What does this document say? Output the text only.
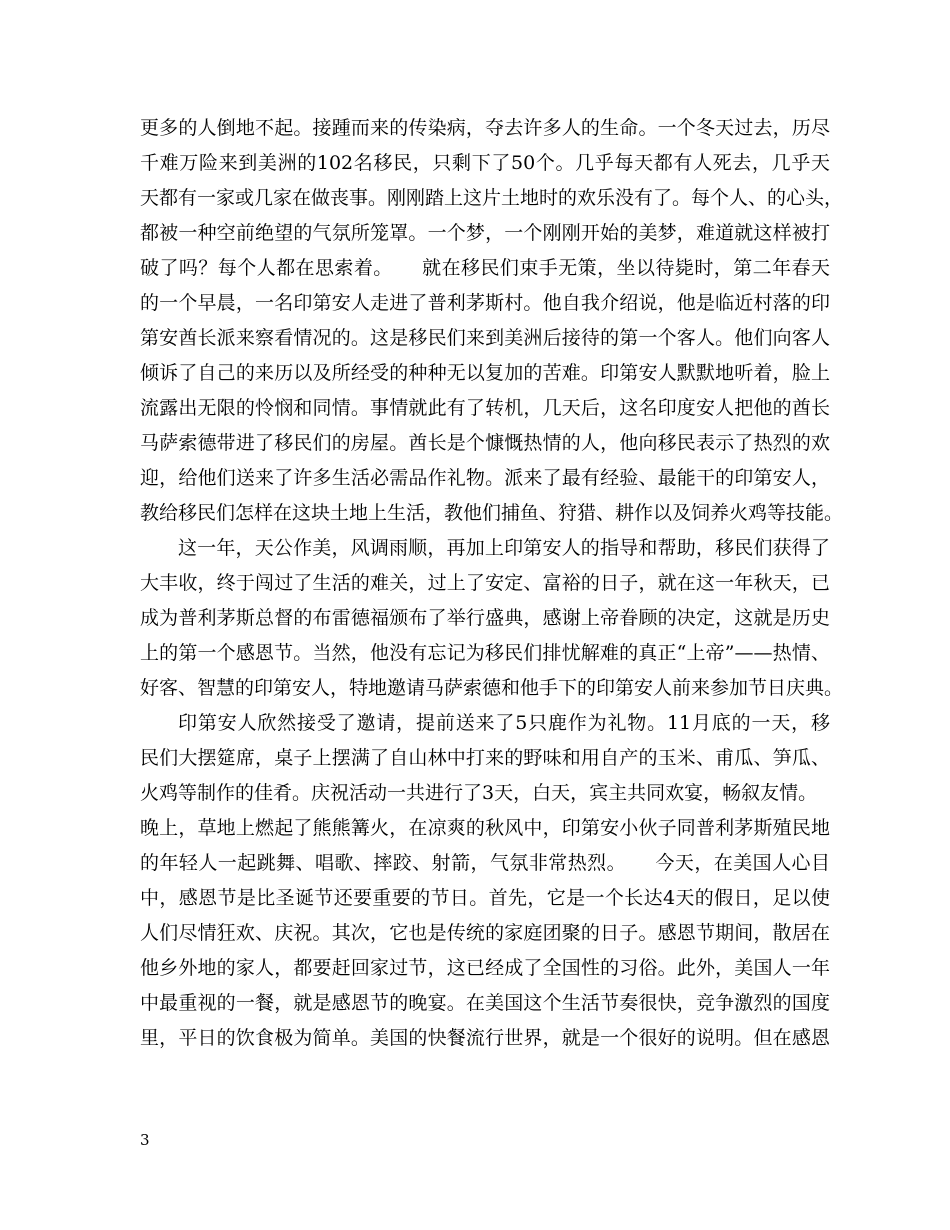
更多的人倒地不起。接踵而来的传染病，夺去许多人的生命。一个冬天过去，历尽
千难万险来到美洲的102名移民，只剩下了50个。几乎每天都有人死去，几乎天
天都有一家或几家在做丧事。刚刚踏上这片土地时的欢乐没有了。每个人、的心头，
都被一种空前绝望的气氛所笼罩。一个梦，一个刚刚开始的美梦，难道就这样被打
破了吗？每个人都在思索着。　　就在移民们束手无策，坐以待毙时，第二年春天
的一个早晨，一名印第安人走进了普利茅斯村。他自我介绍说，他是临近村落的印
第安酋长派来察看情况的。这是移民们来到美洲后接待的第一个客人。他们向客人
倾诉了自己的来历以及所经受的种种无以复加的苦难。印第安人默默地听着，脸上
流露出无限的怜悯和同情。事情就此有了转机，几天后，这名印度安人把他的酋长
马萨索德带进了移民们的房屋。酋长是个慷慨热情的人，他向移民表示了热烈的欢
迎，给他们送来了许多生活必需品作礼物。派来了最有经验、最能干的印第安人，
教给移民们怎样在这块土地上生活，教他们捕鱼、狩猎、耕作以及饲养火鸡等技能。
这一年，天公作美，风调雨顺，再加上印第安人的指导和帮助，移民们获得了
大丰收，终于闯过了生活的难关，过上了安定、富裕的日子，就在这一年秋天，已
成为普利茅斯总督的布雷德福颁布了举行盛典，感谢上帝眷顾的决定，这就是历史
上的第一个感恩节。当然，他没有忘记为移民们排忧解难的真正“上帝”——热情、
好客、智慧的印第安人，特地邀请马萨索德和他手下的印第安人前来参加节日庆典。
印第安人欣然接受了邀请，提前送来了5只鹿作为礼物。11月底的一天，移
民们大摆筵席，桌子上摆满了自山林中打来的野味和用自产的玉米、甫瓜、笋瓜、
火鸡等制作的佳肴。庆祝活动一共进行了3天，白天，宾主共同欢宴，畅叙友情。
晚上，草地上燃起了熊熊篝火，在凉爽的秋风中，印第安小伙子同普利茅斯殖民地
的年轻人一起跳舞、唱歌、摔跤、射箭，气氛非常热烈。　　今天，在美国人心目
中，感恩节是比圣诞节还要重要的节日。首先，它是一个长达4天的假日，足以使
人们尽情狂欢、庆祝。其次，它也是传统的家庭团聚的日子。感恩节期间，散居在
他乡外地的家人，都要赶回家过节，这已经成了全国性的习俗。此外，美国人一年
中最重视的一餐，就是感恩节的晚宴。在美国这个生活节奏很快，竞争激烈的国度
里，平日的饮食极为简单。美国的快餐流行世界，就是一个很好的说明。但在感恩
3
